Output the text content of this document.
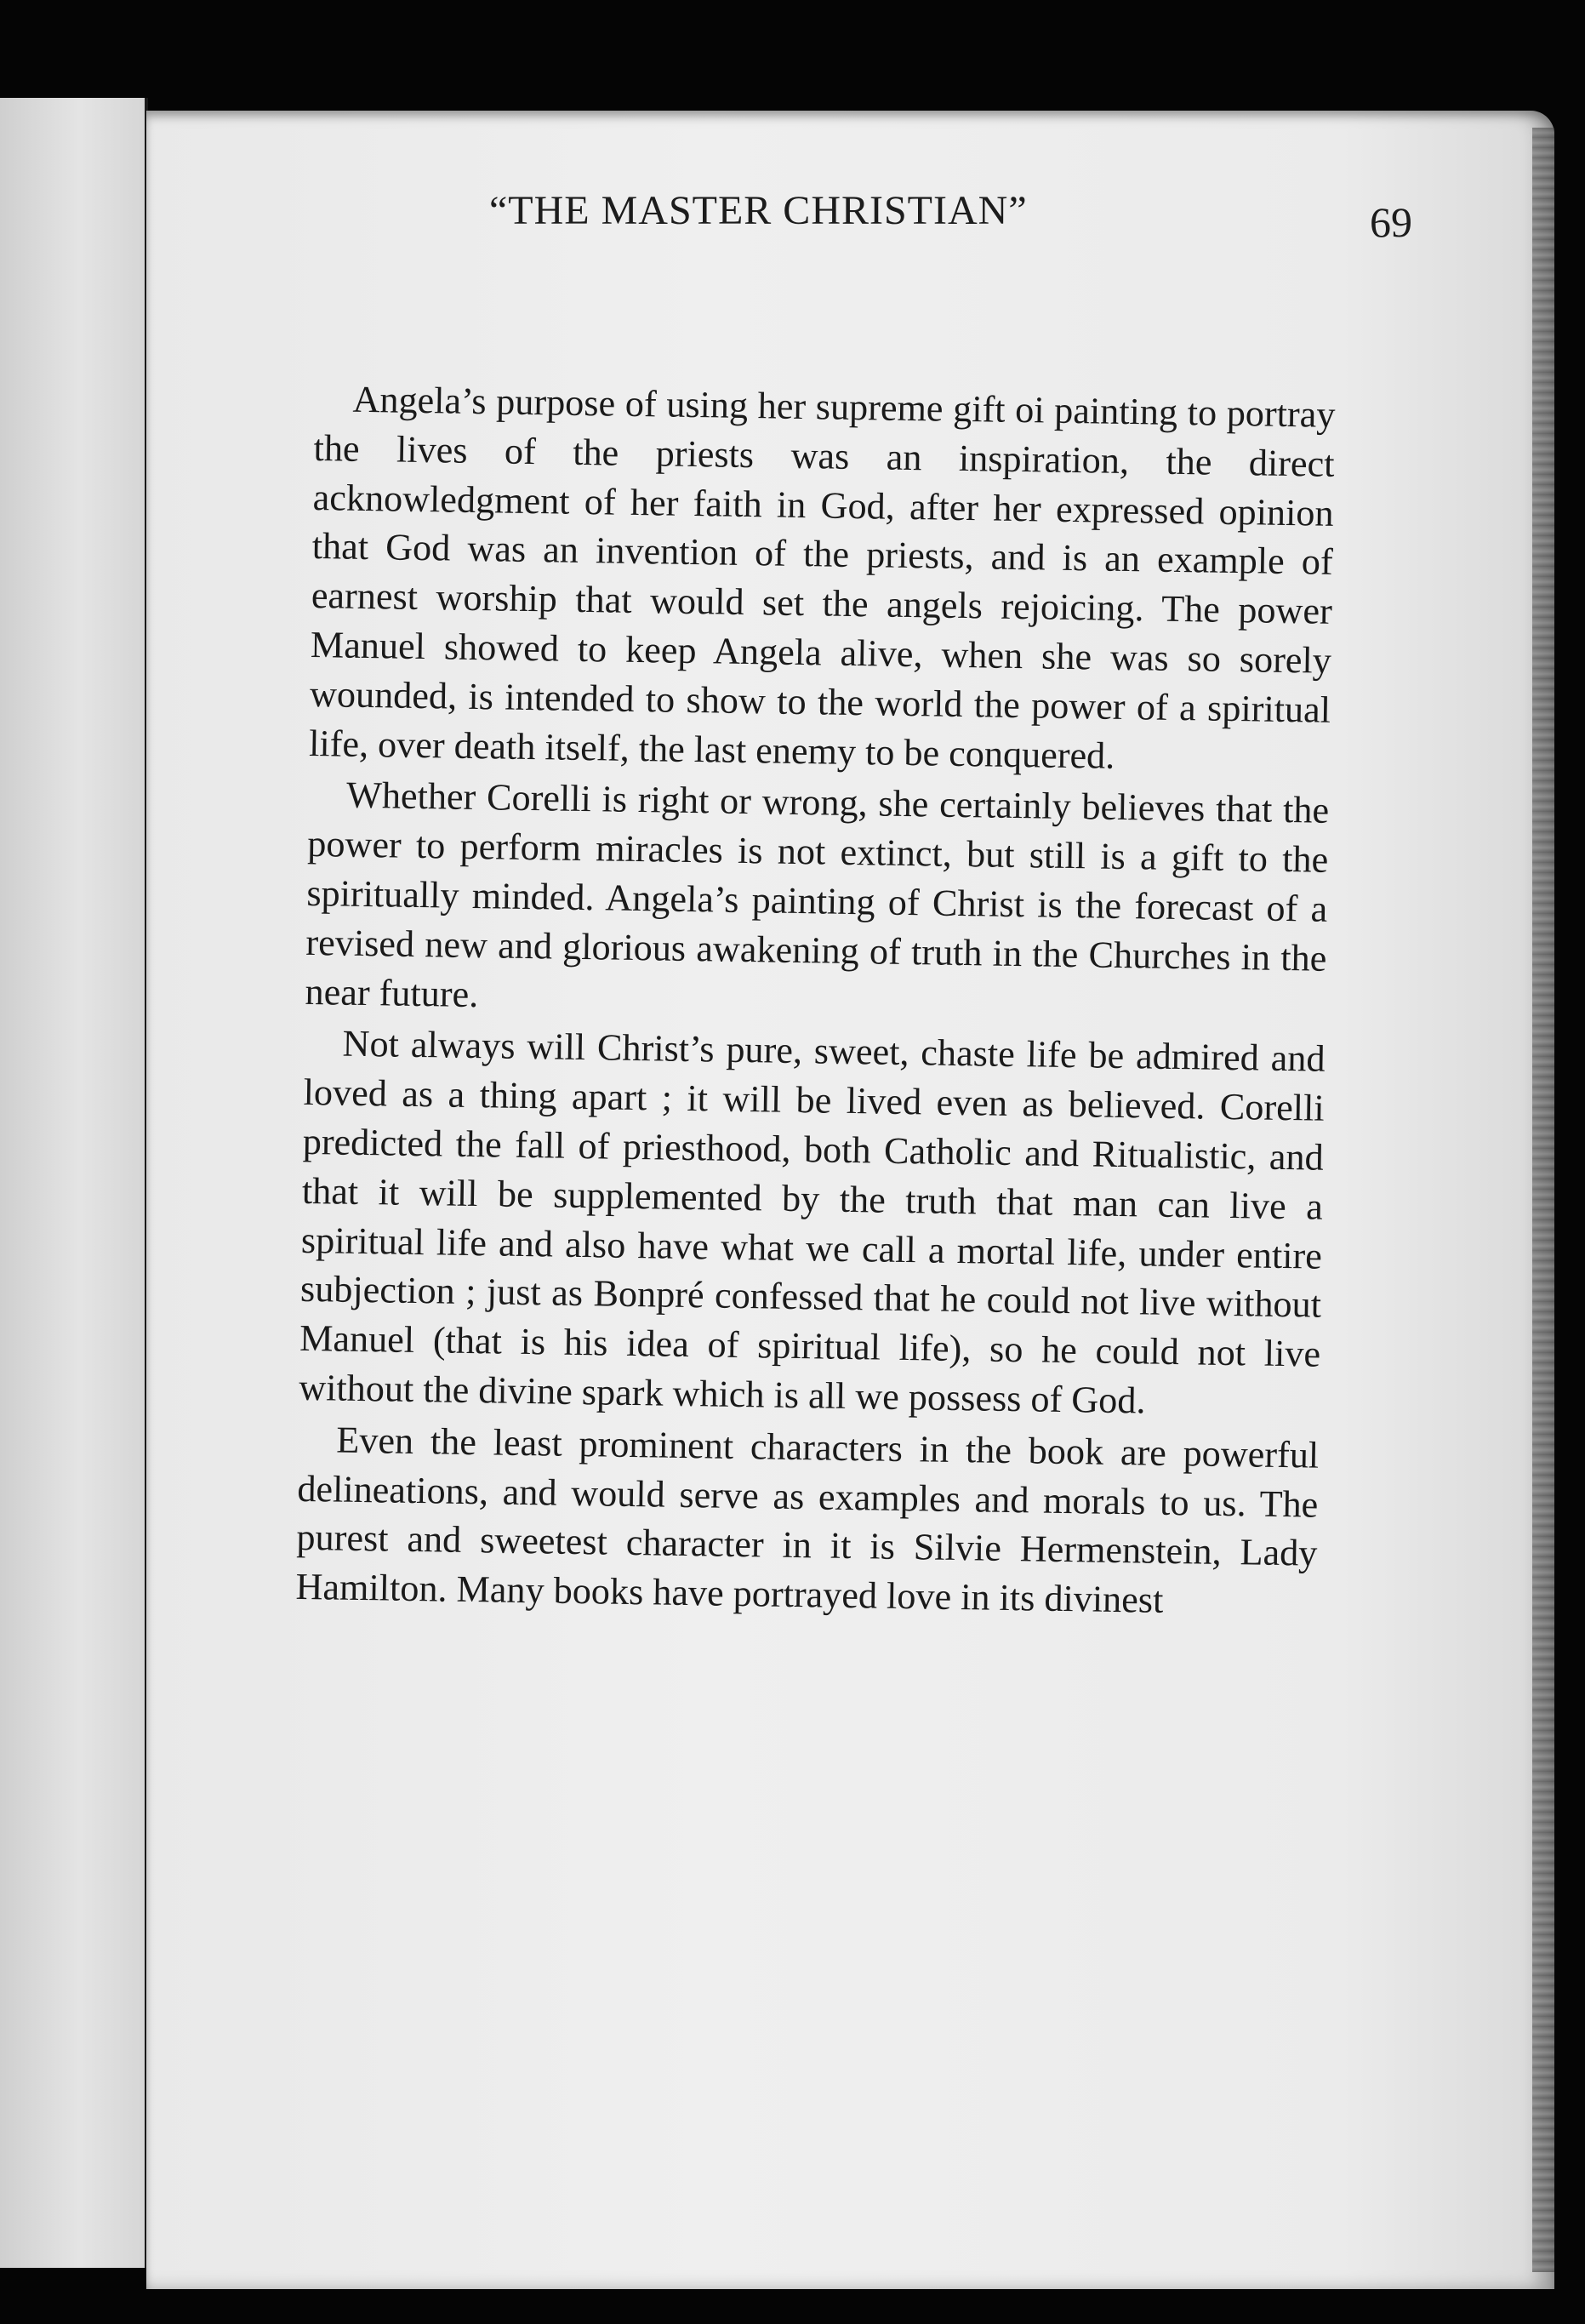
“THE MASTER CHRISTIAN”	69

Angela’s purpose of using her supreme gift oi painting to portray the lives of the priests was an inspiration, the direct acknowledgment of her faith in God, after her expressed opinion that God was an invention of the priests, and is an example of earnest worship that would set the angels rejoicing. The power Manuel showed to keep Angela alive, when she was so sorely wounded, is intended to show to the world the power of a spiritual life, over death itself, the last enemy to be conquered.

Whether Corelli is right or wrong, she certainly believes that the power to perform miracles is not extinct, but still is a gift to the spiritually minded. Angela’s painting of Christ is the forecast of a revised new and glorious awakening of truth in the Churches in the near future.

Not always will Christ’s pure, sweet, chaste life be admired and loved as a thing apart ; it will be lived even as believed. Corelli predicted the fall of priesthood, both Catholic and Ritualistic, and that it will be supplemented by the truth that man can live a spiritual life and also have what we call a mortal life, under entire subjection ; just as Bonpré confessed that he could not live without Manuel (that is his idea of spiritual life), so he could not live without the divine spark which is all we possess of God.

Even the least prominent characters in the book are powerful delineations, and would serve as examples and morals to us. The purest and sweetest character in it is Silvie Hermenstein, Lady Hamilton. Many books have portrayed love in its divinest
